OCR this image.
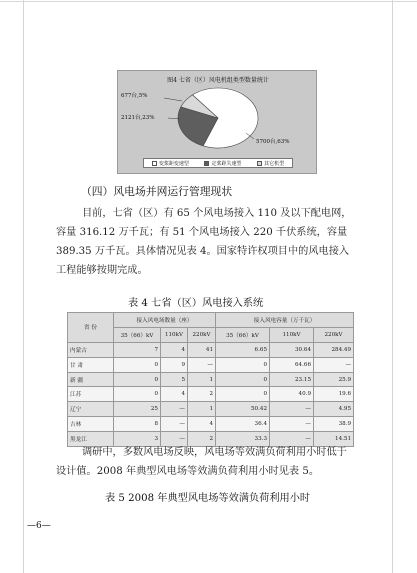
图4 七省（区）风电机组类型数量统计
677台,5%
2121台,23%
5700台,63%
变桨距变速型	定桨距失速型	其它机型
（四）风电场并网运行管理现状
目前，七省（区）有 65 个风电场接入 110 及以下配电网，
容量 316.12 万千瓦；有 51 个风电场接入 220 千伏系统，容量
389.35 万千瓦。具体情况见表 4。国家特许权项目中的风电接入
工程能够按期完成。
表 4 七省（区）风电接入系统
省 份	接入风电场数量（座）			接入风电容量（万千瓦）		
	35（66）kV	110kV	220kV	35（66）kV	110kV	220kV
内蒙古	7	4	41	6.65	30.64	284.49
甘 肃	0	9	—	0	64.66	—
新 疆	0	5	1	0	23.15	25.9
江苏	0	4	2	0	40.9	19.6
辽宁	25	—	1	50.42	—	4.95
吉林	8	—	4	36.4	—	38.9
黑龙江	3	—	2	33.3	—	14.51
调研中，多数风电场反映，风电场等效满负荷利用小时低于
设计值。2008 年典型风电场等效满负荷利用小时见表 5。
表 5 2008 年典型风电场等效满负荷利用小时
—6—
